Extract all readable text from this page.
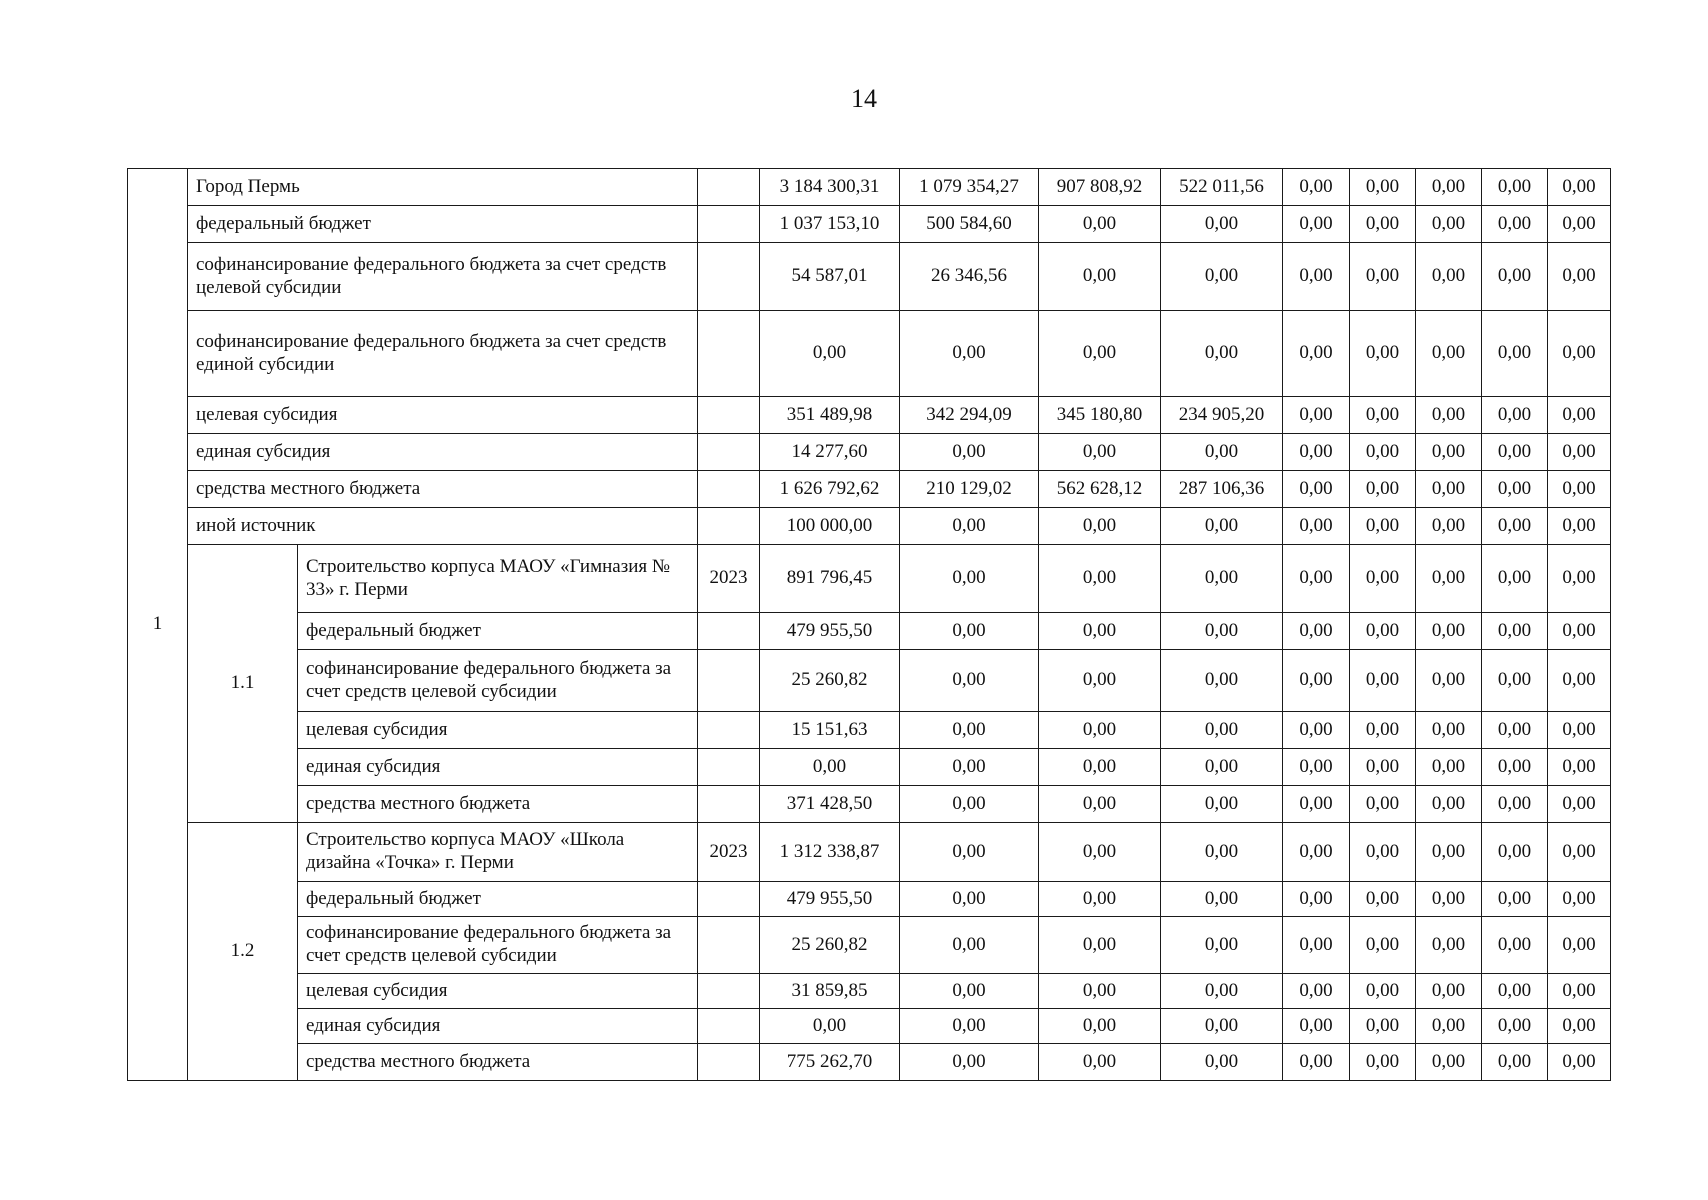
14
1	Город Пермь			3 184 300,31	1 079 354,27	907 808,92	522 011,56	0,00	0,00	0,00	0,00	0,00
	федеральный бюджет			1 037 153,10	500 584,60	0,00	0,00	0,00	0,00	0,00	0,00	0,00
	софинансирование федерального бюджета за счет средств целевой субсидии			54 587,01	26 346,56	0,00	0,00	0,00	0,00	0,00	0,00	0,00
	софинансирование федерального бюджета за счет средств единой субсидии			0,00	0,00	0,00	0,00	0,00	0,00	0,00	0,00	0,00
	целевая субсидия			351 489,98	342 294,09	345 180,80	234 905,20	0,00	0,00	0,00	0,00	0,00
	единая субсидия			14 277,60	0,00	0,00	0,00	0,00	0,00	0,00	0,00	0,00
	средства местного бюджета			1 626 792,62	210 129,02	562 628,12	287 106,36	0,00	0,00	0,00	0,00	0,00
	иной источник			100 000,00	0,00	0,00	0,00	0,00	0,00	0,00	0,00	0,00
	1.1	Строительство корпуса МАОУ «Гимназия № 33» г. Перми	2023	891 796,45	0,00	0,00	0,00	0,00	0,00	0,00	0,00	0,00
		федеральный бюджет		479 955,50	0,00	0,00	0,00	0,00	0,00	0,00	0,00	0,00
		софинансирование федерального бюджета за счет средств целевой субсидии		25 260,82	0,00	0,00	0,00	0,00	0,00	0,00	0,00	0,00
		целевая субсидия		15 151,63	0,00	0,00	0,00	0,00	0,00	0,00	0,00	0,00
		единая субсидия		0,00	0,00	0,00	0,00	0,00	0,00	0,00	0,00	0,00
		средства местного бюджета		371 428,50	0,00	0,00	0,00	0,00	0,00	0,00	0,00	0,00
	1.2	Строительство корпуса МАОУ «Школа дизайна «Точка» г. Перми	2023	1 312 338,87	0,00	0,00	0,00	0,00	0,00	0,00	0,00	0,00
		федеральный бюджет		479 955,50	0,00	0,00	0,00	0,00	0,00	0,00	0,00	0,00
		софинансирование федерального бюджета за счет средств целевой субсидии		25 260,82	0,00	0,00	0,00	0,00	0,00	0,00	0,00	0,00
		целевая субсидия		31 859,85	0,00	0,00	0,00	0,00	0,00	0,00	0,00	0,00
		единая субсидия		0,00	0,00	0,00	0,00	0,00	0,00	0,00	0,00	0,00
		средства местного бюджета		775 262,70	0,00	0,00	0,00	0,00	0,00	0,00	0,00	0,00
